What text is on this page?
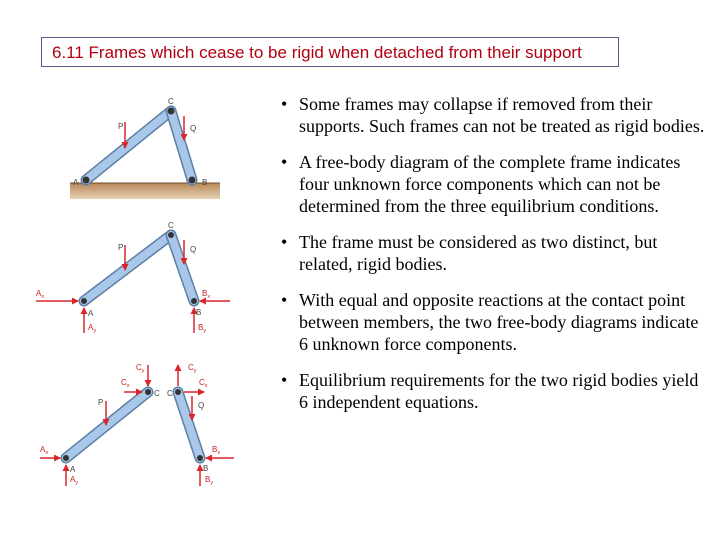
6.11 Frames which cease to be rigid when detached from their support
P	Q
C
A	B
P	Q
C
A	B
$A_x$
$A_y$
$B_x$
$B_y$
P	Q
C C
A	B
$C_y$
$C_x$
$C_y$
$C_x$
$A_x$
$A_y$
$B_x$
$B_y$
• Some frames may collapse if removed from their supports. Such frames can not be treated as rigid bodies.
• A free-body diagram of the complete frame indicates four unknown force components which can not be determined from the three equilibrium conditions.
• The frame must be considered as two distinct, but related, rigid bodies.
• With equal and opposite reactions at the contact point between members, the two free-body diagrams indicate 6 unknown force components.
• Equilibrium requirements for the two rigid bodies yield 6 independent equations.
